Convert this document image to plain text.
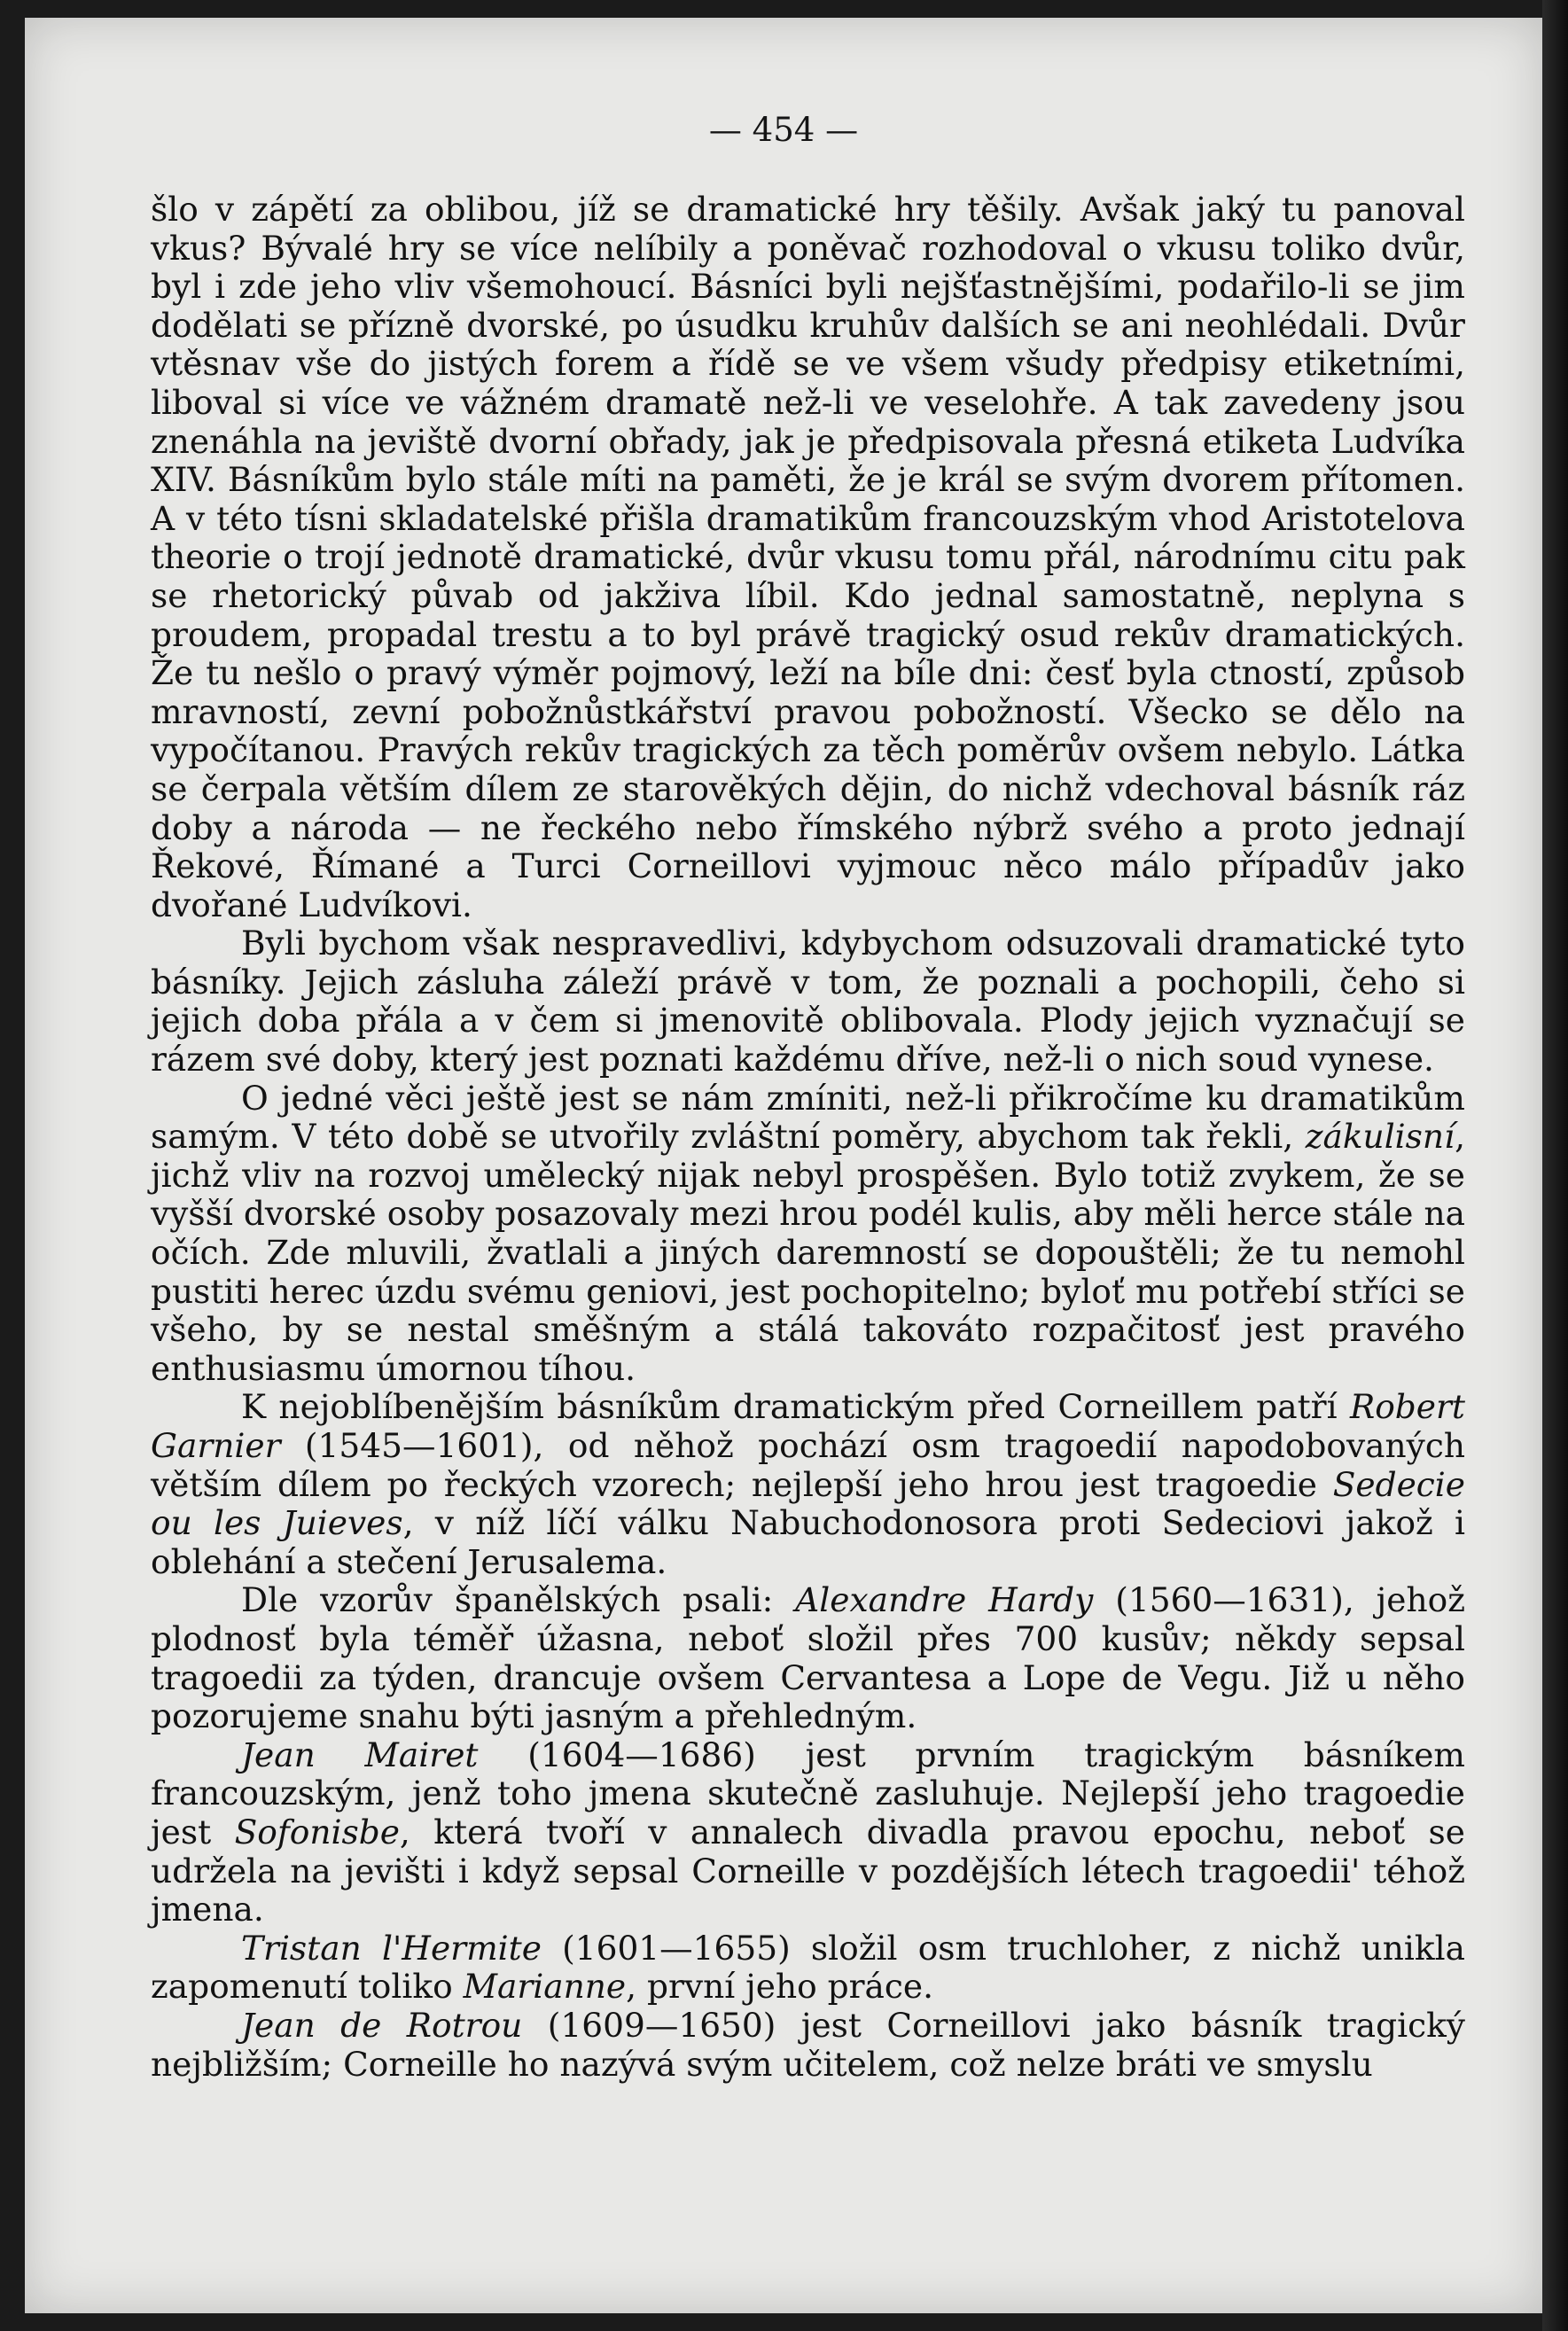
— 454 —

šlo v zápětí za oblibou, jíž se dramatické hry těšily. Avšak jaký tu panoval vkus? Bývalé hry se více nelíbily a poněvač rozhodoval o vkusu toliko dvůr, byl i zde jeho vliv všemohoucí. Básníci byli nejšťastnějšími, podařilo-li se jim dodělati se přízně dvorské, po úsudku kruhův dalších se ani neohlédali. Dvůr vtěsnav vše do jistých forem a řídě se ve všem všudy předpisy etiketními, liboval si více ve vážném dramatě než-li ve veselohře. A tak zavedeny jsou znenáhla na jeviště dvorní obřady, jak je předpisovala přesná etiketa Ludvíka XIV. Básníkům bylo stále míti na paměti, že je král se svým dvorem přítomen. A v této tísni skladatelské přišla dramatikům francouzským vhod Aristotelova theorie o trojí jednotě dramatické, dvůr vkusu tomu přál, národnímu citu pak se rhetorický půvab od jakživa líbil. Kdo jednal samostatně, neplyna s proudem, propadal trestu a to byl právě tragický osud rekův dramatických. Že tu nešlo o pravý výměr pojmový, leží na bíle dni: česť byla ctností, způsob mravností, zevní pobožnůstkářství pravou pobožností. Všecko se dělo na vypočítanou. Pravých rekův tragických za těch poměrův ovšem nebylo. Látka se čerpala větším dílem ze starověkých dějin, do nichž vdechoval básník ráz doby a národa — ne řeckého nebo římského nýbrž svého a proto jednají Řekové, Římané a Turci Corneillovi vyjmouc něco málo případův jako dvořané Ludvíkovi.

Byli bychom však nespravedlivi, kdybychom odsuzovali dramatické tyto básníky. Jejich zásluha záleží právě v tom, že poznali a pochopili, čeho si jejich doba přála a v čem si jmenovitě oblibovala. Plody jejich vyznačují se rázem své doby, který jest poznati každému dříve, než-li o nich soud vynese.

O jedné věci ještě jest se nám zmíniti, než-li přikročíme ku dramatikům samým. V této době se utvořily zvláštní poměry, abychom tak řekli, zákulisní, jichž vliv na rozvoj umělecký nijak nebyl prospěšen. Bylo totiž zvykem, že se vyšší dvorské osoby posazovaly mezi hrou podél kulis, aby měli herce stále na očích. Zde mluvili, žvatlali a jiných daremností se dopouštěli; že tu nemohl pustiti herec úzdu svému geniovi, jest pochopitelno; byloť mu potřebí stříci se všeho, by se nestal směšným a stálá takováto rozpačitosť jest pravého enthusiasmu úmornou tíhou.

K nejoblíbenějším básníkům dramatickým před Corneillem patří Robert Garnier (1545—1601), od něhož pochází osm tragoedií napodobovaných větším dílem po řeckých vzorech; nejlepší jeho hrou jest tragoedie Sedecie ou les Juieves, v níž líčí válku Nabuchodonosora proti Sedeciovi jakož i oblehání a stečení Jerusalema.

Dle vzorův španělských psali: Alexandre Hardy (1560—1631), jehož plodnosť byla téměř úžasna, neboť složil přes 700 kusův; někdy sepsal tragoedii za týden, drancuje ovšem Cervantesa a Lope de Vegu. Již u něho pozorujeme snahu býti jasným a přehledným.

Jean Mairet (1604—1686) jest prvním tragickým básníkem francouzským, jenž toho jmena skutečně zasluhuje. Nejlepší jeho tragoedie jest Sofonisbe, která tvoří v annalech divadla pravou epochu, neboť se udržela na jevišti i když sepsal Corneille v pozdějších létech tragoedii' téhož jmena.

Tristan l'Hermite (1601—1655) složil osm truchloher, z nichž unikla zapomenutí toliko Marianne, první jeho práce.

Jean de Rotrou (1609—1650) jest Corneillovi jako básník tragický nejbližším; Corneille ho nazývá svým učitelem, což nelze bráti ve smyslu
